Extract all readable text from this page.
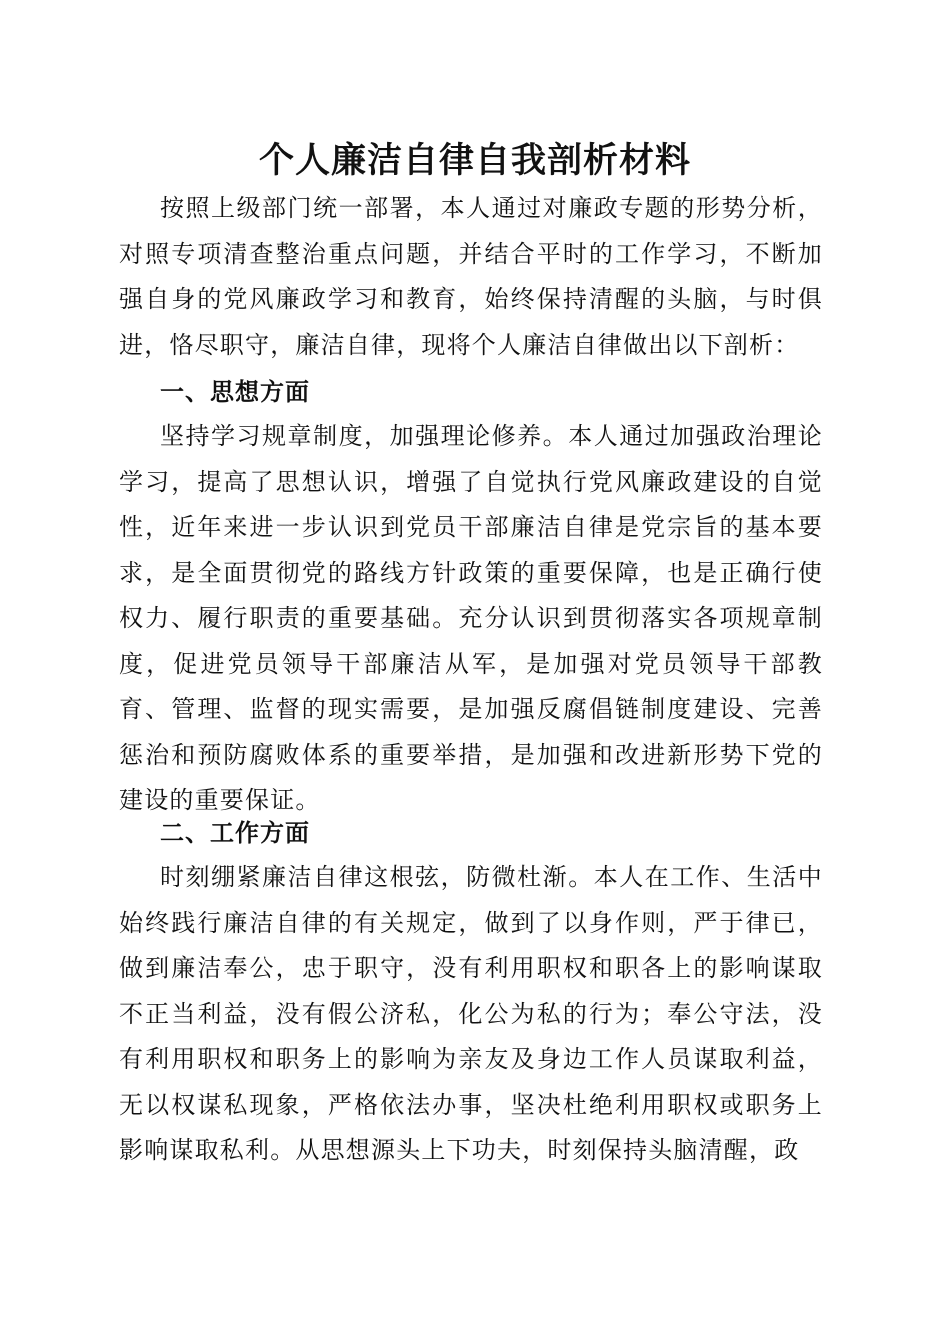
个人廉洁自律自我剖析材料

按照上级部门统一部署，本人通过对廉政专题的形势分析，对照专项清查整治重点问题，并结合平时的工作学习，不断加强自身的党风廉政学习和教育，始终保持清醒的头脑，与时俱进，恪尽职守，廉洁自律，现将个人廉洁自律做出以下剖析：

一、思想方面

坚持学习规章制度，加强理论修养。本人通过加强政治理论学习，提高了思想认识，增强了自觉执行党风廉政建设的自觉性，近年来进一步认识到党员干部廉洁自律是党宗旨的基本要求，是全面贯彻党的路线方针政策的重要保障，也是正确行使权力、履行职责的重要基础。充分认识到贯彻落实各项规章制度，促进党员领导干部廉洁从军，是加强对党员领导干部教育、管理、监督的现实需要，是加强反腐倡链制度建设、完善惩治和预防腐败体系的重要举措，是加强和改进新形势下党的建设的重要保证。

二、工作方面

时刻绷紧廉洁自律这根弦，防微杜渐。本人在工作、生活中始终践行廉洁自律的有关规定，做到了以身作则，严于律已，做到廉洁奉公，忠于职守，没有利用职权和职各上的影响谋取不正当利益，没有假公济私，化公为私的行为；奉公守法，没有利用职权和职务上的影响为亲友及身边工作人员谋取利益，无以权谋私现象，严格依法办事，坚决杜绝利用职权或职务上影响谋取私利。从思想源头上下功夫，时刻保持头脑清醒，政
